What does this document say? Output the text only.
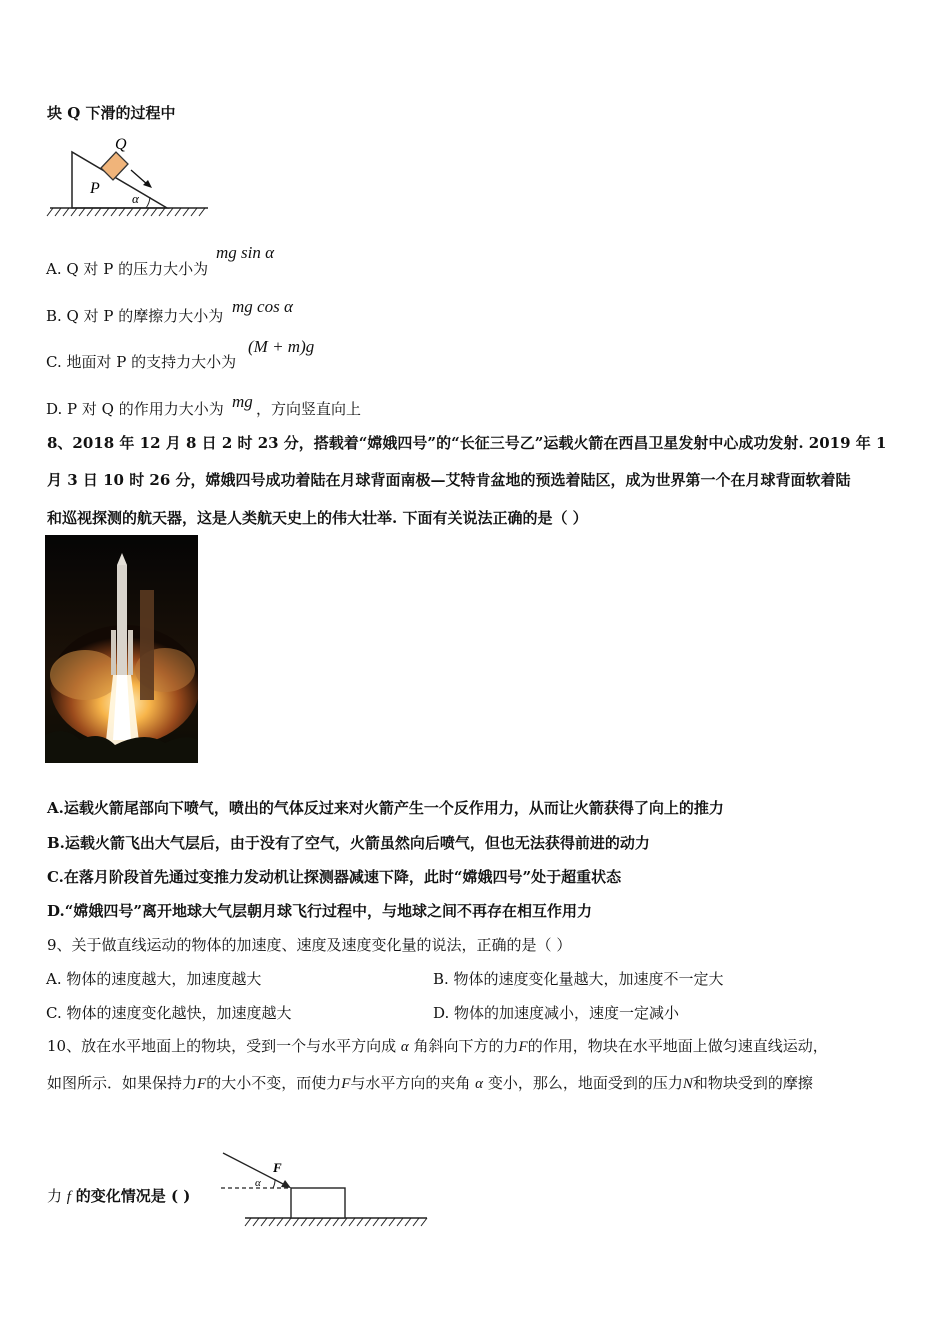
块 Q 下滑的过程中
Q
P
α
A. Q 对 P 的压力大小为
mg sin α
B. Q 对 P 的摩擦力大小为 mg cos α
C. 地面对 P 的支持力大小为
(M + m)g
D. P 对 Q 的作用力大小为 mg ，方向竖直向上
8、2018 年 12 月 8 日 2 时 23 分，搭载着“嫦娥四号”的“长征三号乙”运载火箭在西昌卫星发射中心成功发射. 2019 年 1
月 3 日 10 时 26 分，嫦娥四号成功着陆在月球背面南极—艾特肯盆地的预选着陆区，成为世界第一个在月球背面软着陆
和巡视探测的航天器，这是人类航天史上的伟大壮举. 下面有关说法正确的是（ ）
A.运载火箭尾部向下喷气，喷出的气体反过来对火箭产生一个反作用力，从而让火箭获得了向上的推力
B.运载火箭飞出大气层后，由于没有了空气，火箭虽然向后喷气，但也无法获得前进的动力
C.在落月阶段首先通过变推力发动机让探测器减速下降，此时“嫦娥四号”处于超重状态
D.“嫦娥四号”离开地球大气层朝月球飞行过程中，与地球之间不再存在相互作用力
9、关于做直线运动的物体的加速度、速度及速度变化量的说法，正确的是（ ）
A. 物体的速度越大，加速度越大	B. 物体的速度变化量越大，加速度不一定大
C. 物体的速度变化越快，加速度越大	D. 物体的加速度减小，速度一定减小
10、放在水平地面上的物块，受到一个与水平方向成 α 角斜向下方的力F的作用，物块在水平地面上做匀速直线运动，
如图所示．如果保持力F的大小不变，而使力F与水平方向的夹角 α 变小，那么，地面受到的压力N和物块受到的摩擦
力 f 的变化情况是 ( )
F
α
